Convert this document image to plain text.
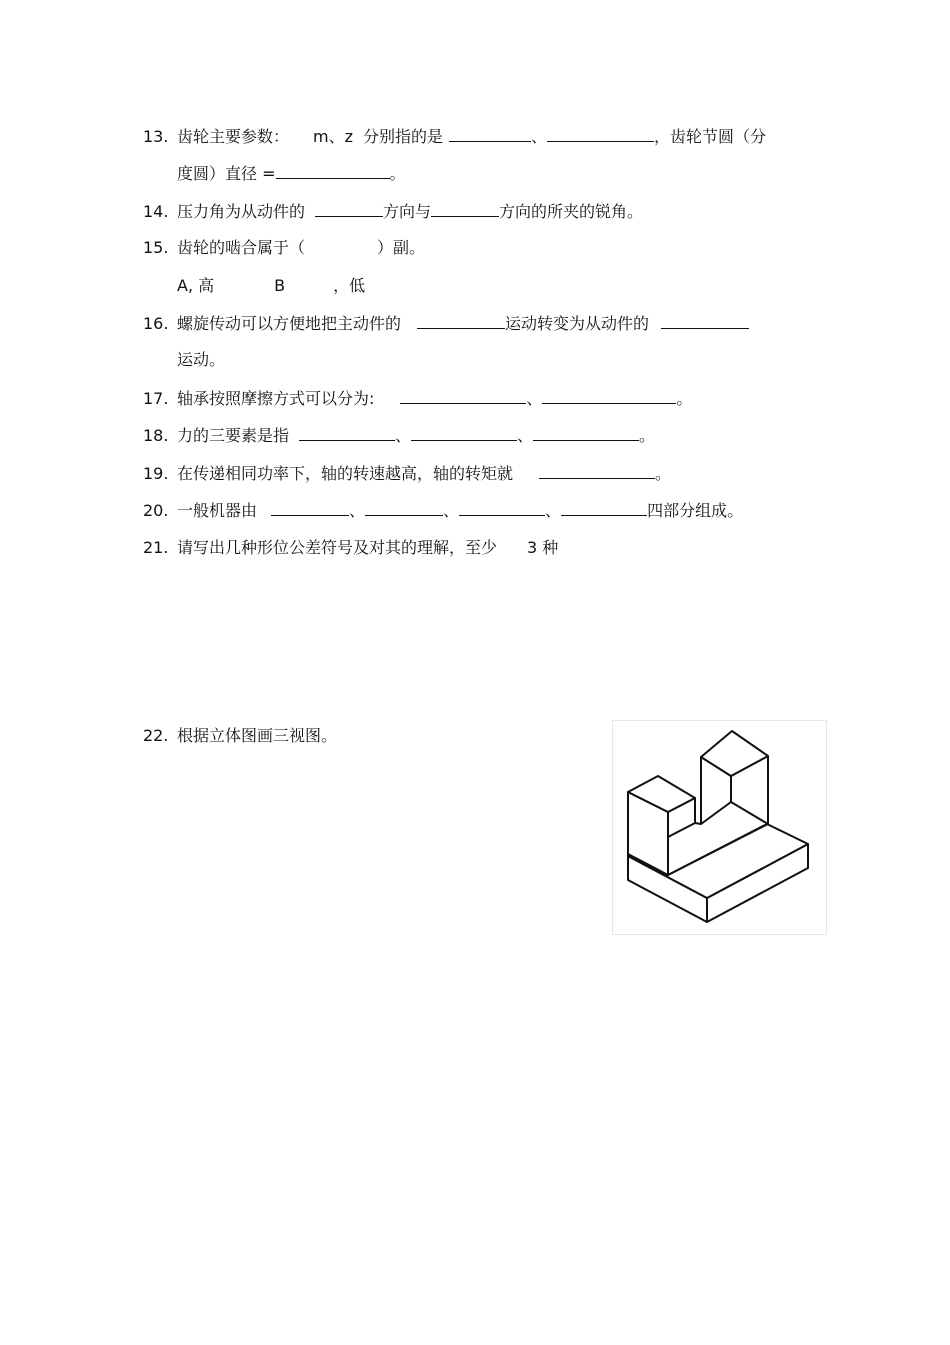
13. 齿轮主要参数： m、z 分别指的是	、	，齿轮节圆（分
度圆）直径 =	。
14. 压力角为从动件的	方向与	方向的所夹的锐角。
15. 齿轮的啮合属于（	）副。
A, 高	B	，低
16. 螺旋传动可以方便地把主动件的	运动转变为从动件的
运动。
17. 轴承按照摩擦方式可以分为:	、	。
18. 力的三要素是指	、	、	。
19. 在传递相同功率下，轴的转速越高，轴的转矩就	。
20. 一般机器由	、	、	、	四部分组成。
21. 请写出几种形位公差符号及对其的理解，至少 3 种
22. 根据立体图画三视图。
